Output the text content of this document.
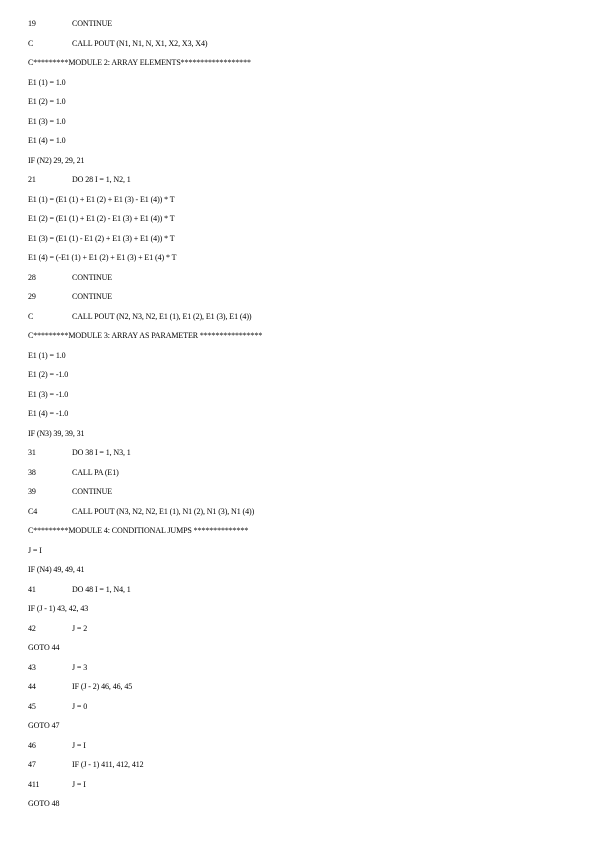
19	CONTINUE
C	CALL POUT (N1, N1, N, X1, X2, X3, X4)
C*********MODULE 2: ARRAY ELEMENTS******************
E1 (1) = 1.0
E1 (2) = 1.0
E1 (3) = 1.0
E1 (4) = 1.0
IF (N2) 29, 29, 21
21	DO 28 I = 1, N2, 1
E1 (1) = (E1 (1) + E1 (2) + E1 (3) - E1 (4)) * T
E1 (2) = (E1 (1) + E1 (2) - E1 (3) + E1 (4)) * T
E1 (3) = (E1 (1) - E1 (2) + E1 (3) + E1 (4)) * T
E1 (4) = (-E1 (1) + E1 (2) + E1 (3) + E1 (4) * T
28	CONTINUE
29	CONTINUE
C	CALL POUT (N2, N3, N2, E1 (1), E1 (2), E1 (3), E1 (4))
C*********MODULE 3: ARRAY AS PARAMETER ****************
E1 (1) = 1.0
E1 (2) = -1.0
E1 (3) = -1.0
E1 (4) = -1.0
IF (N3) 39, 39, 31
31	DO 38 I = 1, N3, 1
38	CALL PA (E1)
39	CONTINUE
C4	CALL POUT (N3, N2, N2, E1 (1), N1 (2), N1 (3), N1 (4))
C*********MODULE 4: CONDITIONAL JUMPS **************
J = I
IF (N4) 49, 49, 41
41	DO 48 I = 1, N4, 1
IF (J - 1) 43, 42, 43
42	J = 2
GOTO 44
43	J = 3
44	IF (J - 2) 46, 46, 45
45	J = 0
GOTO 47
46	J = I
47	IF (J - 1) 411, 412, 412
411	J = I
GOTO 48
